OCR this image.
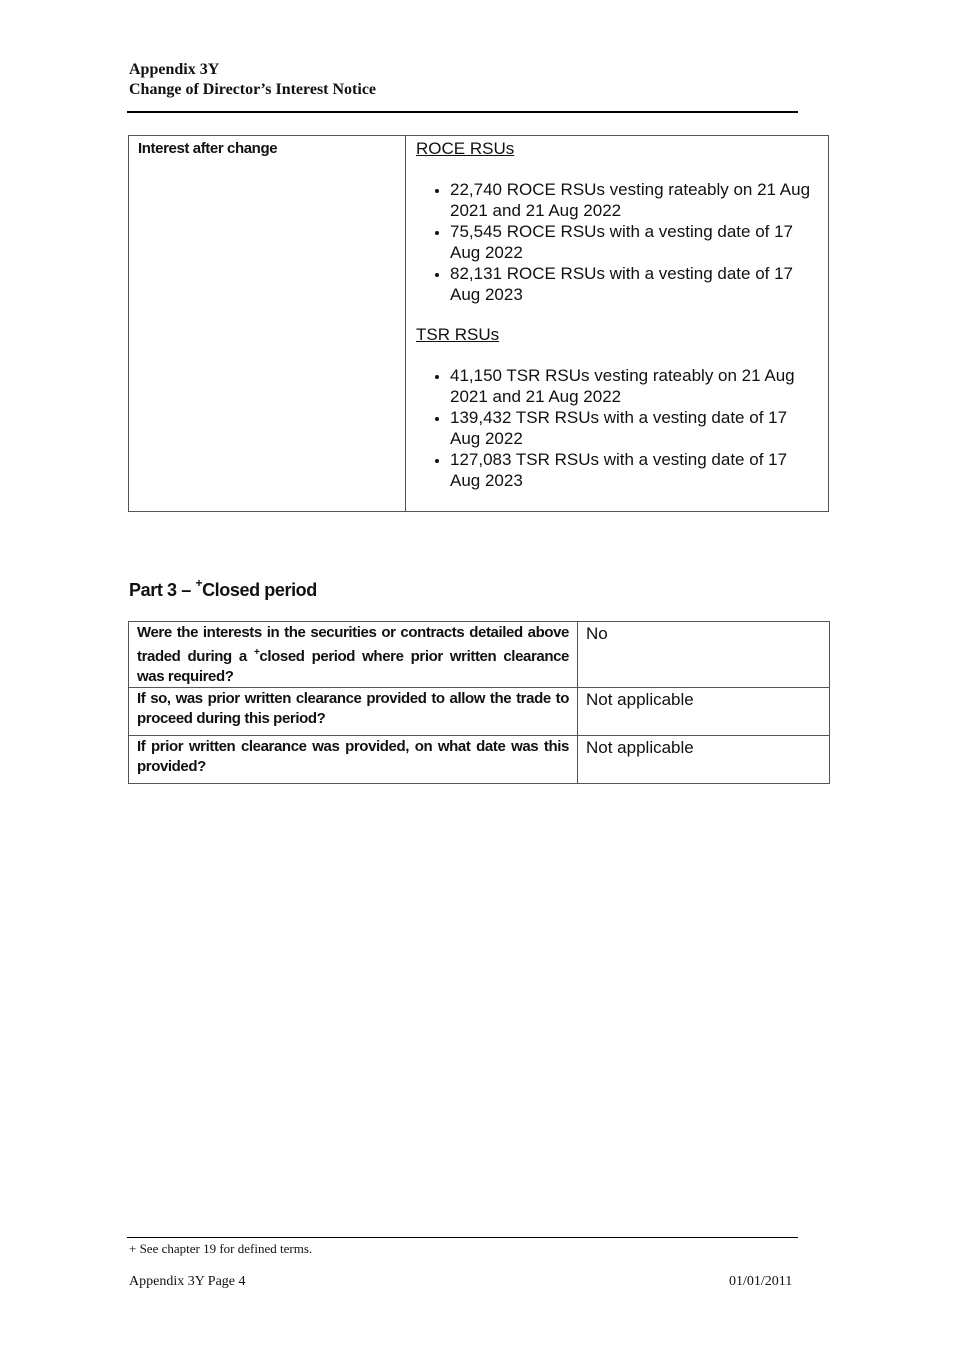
Appendix 3Y
Change of Director’s Interest Notice
Interest after change	ROCE RSUs

• 22,740 ROCE RSUs vesting rateably on 21 Aug 2021 and 21 Aug 2022
• 75,545 ROCE RSUs with a vesting date of 17 Aug 2022
• 82,131 ROCE RSUs with a vesting date of 17 Aug 2023

TSR RSUs

• 41,150 TSR RSUs vesting rateably on 21 Aug 2021 and 21 Aug 2022
• 139,432 TSR RSUs with a vesting date of 17 Aug 2022
• 127,083 TSR RSUs with a vesting date of 17 Aug 2023
Part 3 – +Closed period
Were the interests in the securities or contracts detailed above traded during a +closed period where prior written clearance was required?	No
If so, was prior written clearance provided to allow the trade to proceed during this period?	Not applicable
If prior written clearance was provided, on what date was this provided?	Not applicable
+ See chapter 19 for defined terms.
Appendix 3Y Page 4	01/01/2011
